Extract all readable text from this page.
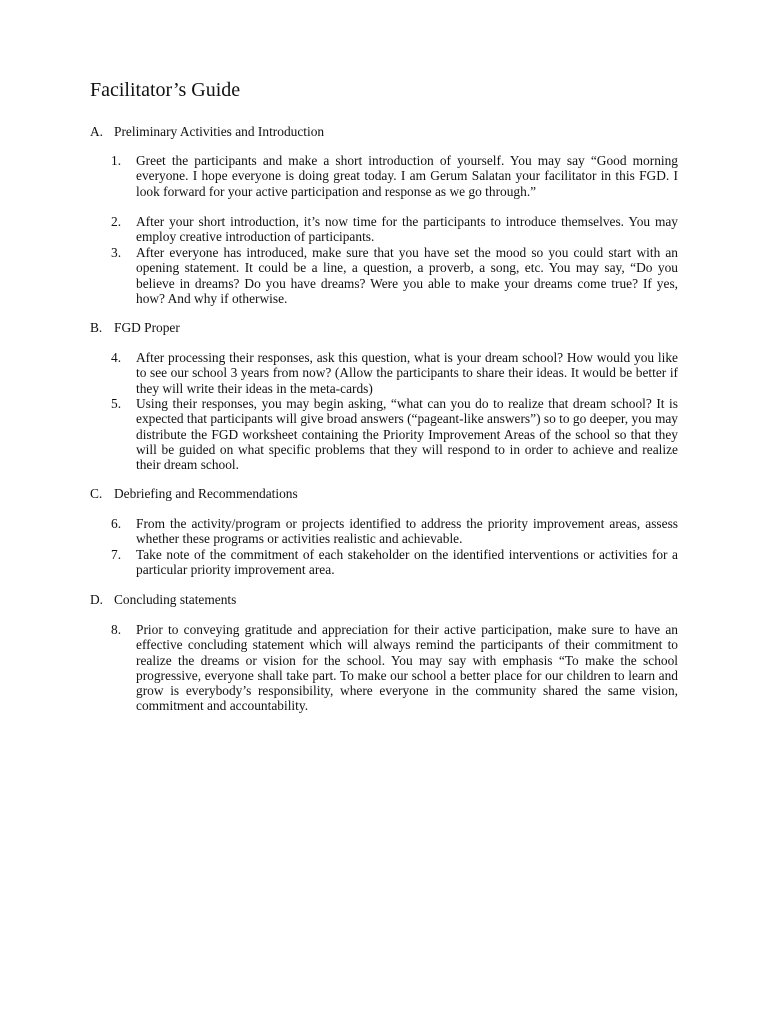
Facilitator’s Guide

A. Preliminary Activities and Introduction

1.	Greet the participants and make a short introduction of yourself. You may say “Good morning everyone. I hope everyone is doing great today. I am Gerum Salatan your facilitator in this FGD. I look forward for your active participation and response as we go through.”
2.	After your short introduction, it’s now time for the participants to introduce themselves. You may employ creative introduction of participants.
3.	After everyone has introduced, make sure that you have set the mood so you could start with an opening statement. It could be a line, a question, a proverb, a song, etc. You may say, “Do you believe in dreams? Do you have dreams? Were you able to make your dreams come true? If yes, how? And why if otherwise.

B. FGD Proper

4.	After processing their responses, ask this question, what is your dream school? How would you like to see our school 3 years from now? (Allow the participants to share their ideas. It would be better if they will write their ideas in the meta-cards)
5.	Using their responses, you may begin asking, “what can you do to realize that dream school? It is expected that participants will give broad answers (“pageant-like answers”) so to go deeper, you may distribute the FGD worksheet containing the Priority Improvement Areas of the school so that they will be guided on what specific problems that they will respond to in order to achieve and realize their dream school.

C. Debriefing and Recommendations

6.	From the activity/program or projects identified to address the priority improvement areas, assess whether these programs or activities realistic and achievable.
7.	Take note of the commitment of each stakeholder on the identified interventions or activities for a particular priority improvement area.

D. Concluding statements

8.	Prior to conveying gratitude and appreciation for their active participation, make sure to have an effective concluding statement which will always remind the participants of their commitment to realize the dreams or vision for the school. You may say with emphasis “To make the school progressive, everyone shall take part. To make our school a better place for our children to learn and grow is everybody’s responsibility, where everyone in the community shared the same vision, commitment and accountability.
